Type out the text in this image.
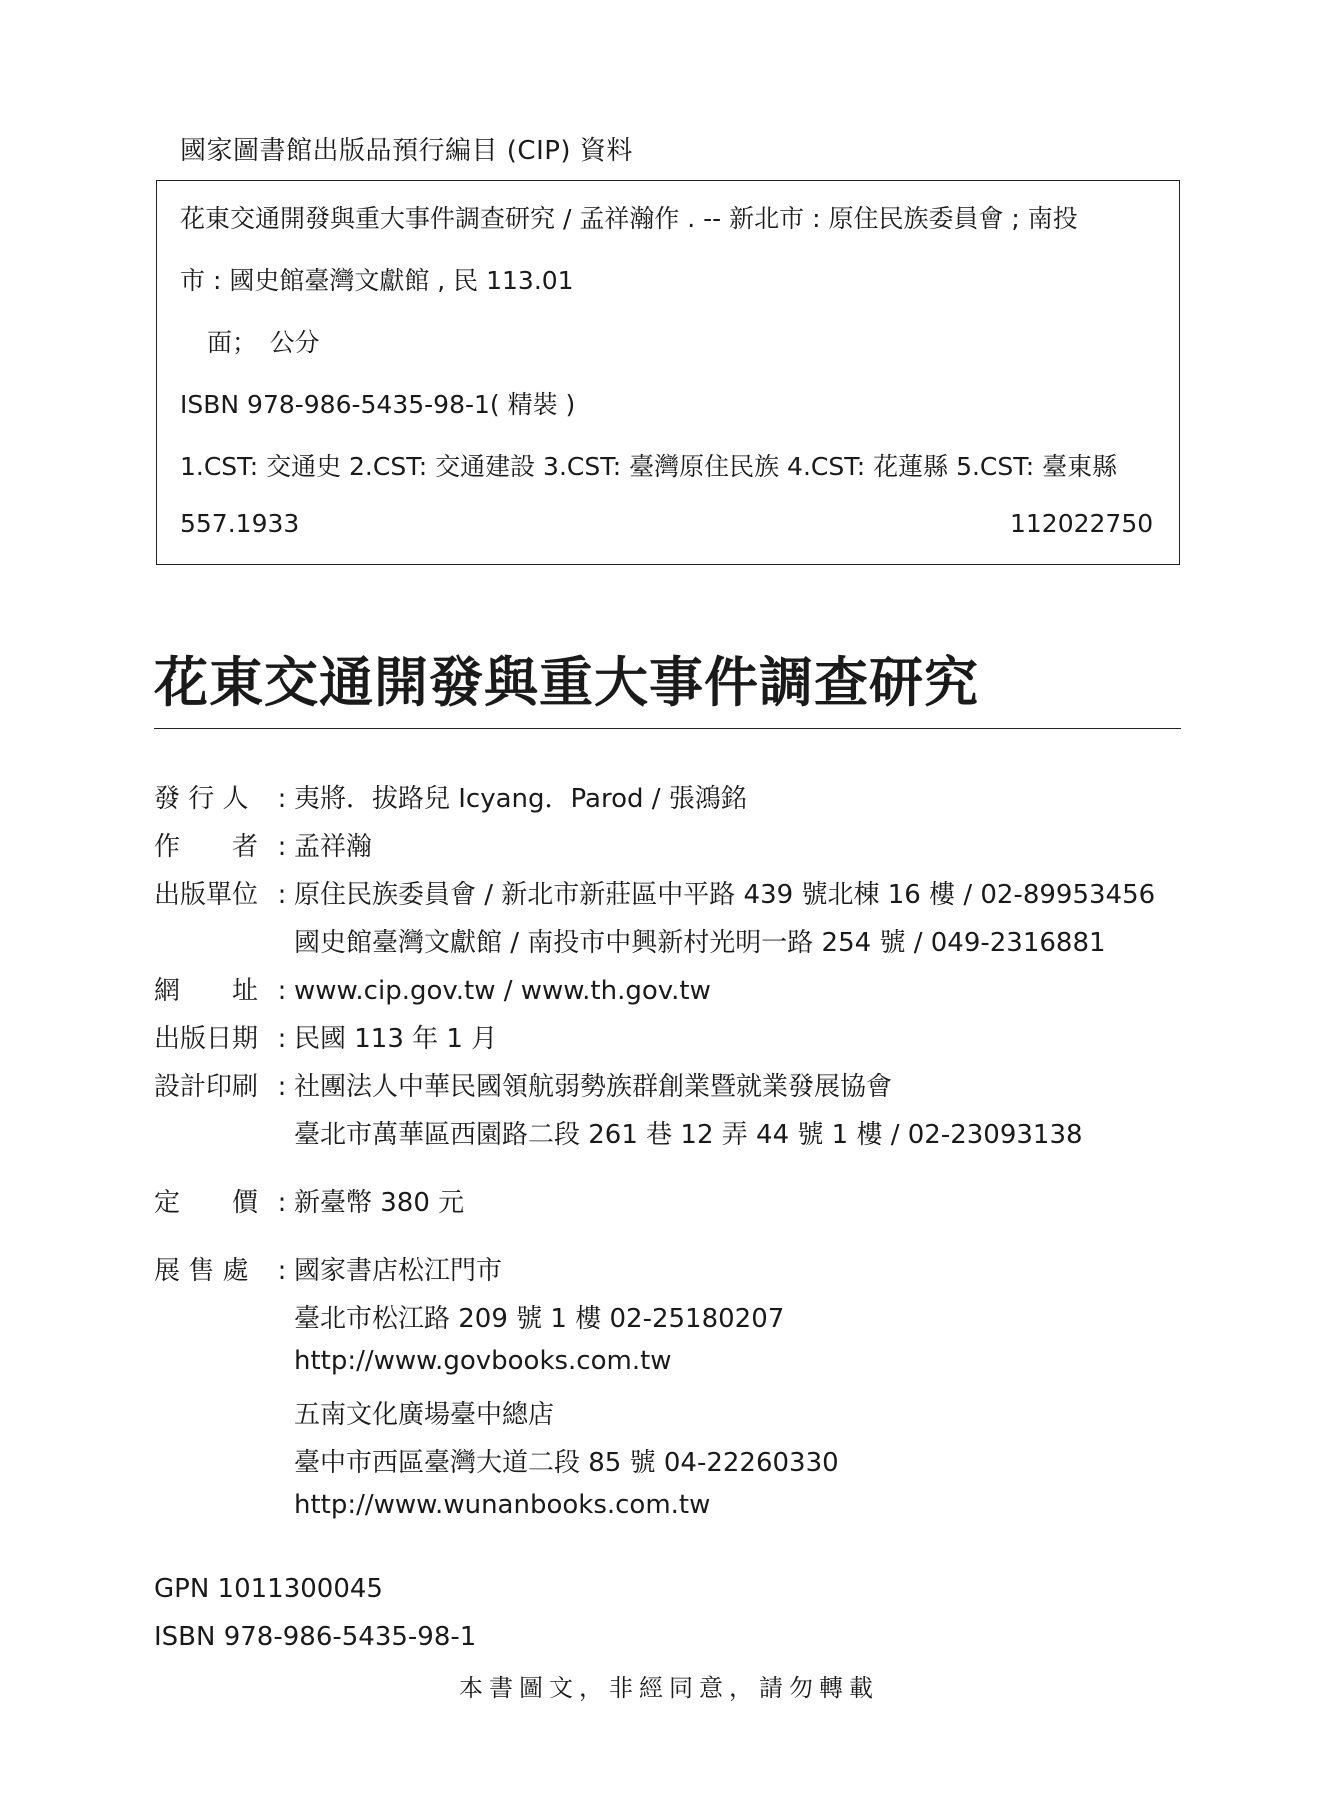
國家圖書館出版品預行編目 (CIP) 資料
花東交通開發與重大事件調查研究 / 孟祥瀚作 . -- 新北市 : 原住民族委員會 ; 南投
市 : 國史館臺灣文獻館 , 民 113.01
面；　公分
ISBN 978-986-5435-98-1( 精裝 )
1.CST: 交通史 2.CST: 交通建設 3.CST: 臺灣原住民族 4.CST: 花蓮縣 5.CST: 臺東縣
557.1933	112022750
花東交通開發與重大事件調查研究
發 行 人 : 夷將．拔路兒 Icyang．Parod / 張鴻銘
作　　者 : 孟祥瀚
出版單位 : 原住民族委員會 / 新北市新莊區中平路 439 號北棟 16 樓 / 02-89953456
國史館臺灣文獻館 / 南投市中興新村光明一路 254 號 / 049-2316881
網　　址 : www.cip.gov.tw / www.th.gov.tw
出版日期 : 民國 113 年 1 月
設計印刷 : 社團法人中華民國領航弱勢族群創業暨就業發展協會
臺北市萬華區西園路二段 261 巷 12 弄 44 號 1 樓 / 02-23093138
定　　價 : 新臺幣 380 元
展 售 處 : 國家書店松江門市
臺北市松江路 209 號 1 樓 02-25180207
http://www.govbooks.com.tw
五南文化廣場臺中總店
臺中市西區臺灣大道二段 85 號 04-22260330
http://www.wunanbooks.com.tw
GPN 1011300045
ISBN 978-986-5435-98-1
本書圖文，非經同意，請勿轉載
